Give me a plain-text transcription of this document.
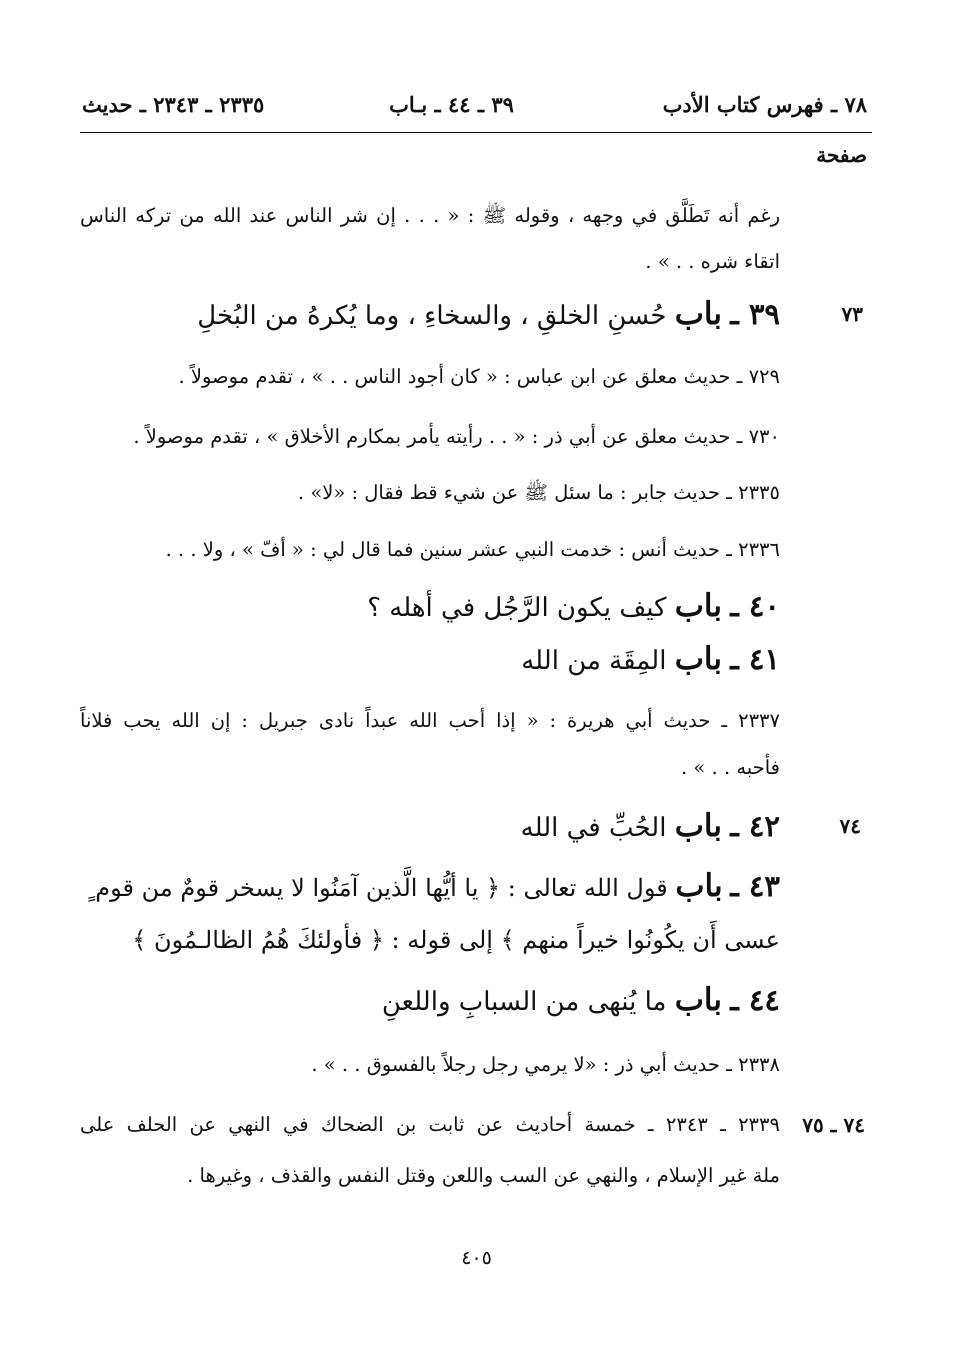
٧٨ ـ فهرس كتاب الأدب
٣٩ ـ ٤٤ ـ بـاب
٢٣٣٥ ـ ٢٣٤٣ ـ حديث
صفحة
رغم أنه تَطَلَّق في وجهه ، وقوله ﷺ : « . . . إن شر الناس عند الله من تركه الناس
اتقاء شره . . » .
٧٣
٣٩ ـ باب حُسنِ الخلقِ ، والسخاءِ ، وما يُكرهُ من البُخلِ
٧٢٩ ـ حديث معلق عن ابن عباس : « كان أجود الناس . . » ، تقدم موصولاً .
٧٣٠ ـ حديث معلق عن أبي ذر : « . . رأيته يأمر بمكارم الأخلاق » ، تقدم موصولاً .
٢٣٣٥ ـ حديث جابر : ما سئل ﷺ عن شيء قط فقال : «لا» .
٢٣٣٦ ـ حديث أنس : خدمت النبي عشر سنين فما قال لي : « أفّ » ، ولا . . .
٤٠ ـ باب كيف يكون الرَّجُل في أهله ؟
٤١ ـ باب المِقَة من الله
٢٣٣٧ ـ حديث أبي هريرة : « إذا أحب الله عبداً نادى جبريل : إن الله يحب فلاناً
فأحبه . . » .
٧٤
٤٢ ـ باب الحُبِّ في الله
٤٣ ـ باب قول الله تعالى : ﴿ يا أيُّها الَّذين آمَنُوا لا يسخر قومٌ من قوم ٍ
عسى أَن يكُونُوا خيراً منهم ﴾ إلى قوله : ﴿ فأولئكَ هُمُ الظالـمُونَ ﴾
٤٤ ـ باب ما يُنهى من السبابِ واللعنِ
٢٣٣٨ ـ حديث أبي ذر : «لا يرمي رجل رجلاً بالفسوق . . » .
٧٤ ـ ٧٥
٢٣٣٩ ـ ٢٣٤٣ ـ خمسة أحاديث عن ثابت بن الضحاك في النهي عن الحلف على
ملة غير الإسلام ، والنهي عن السب واللعن وقتل النفس والقذف ، وغيرها .
٤٠٥
